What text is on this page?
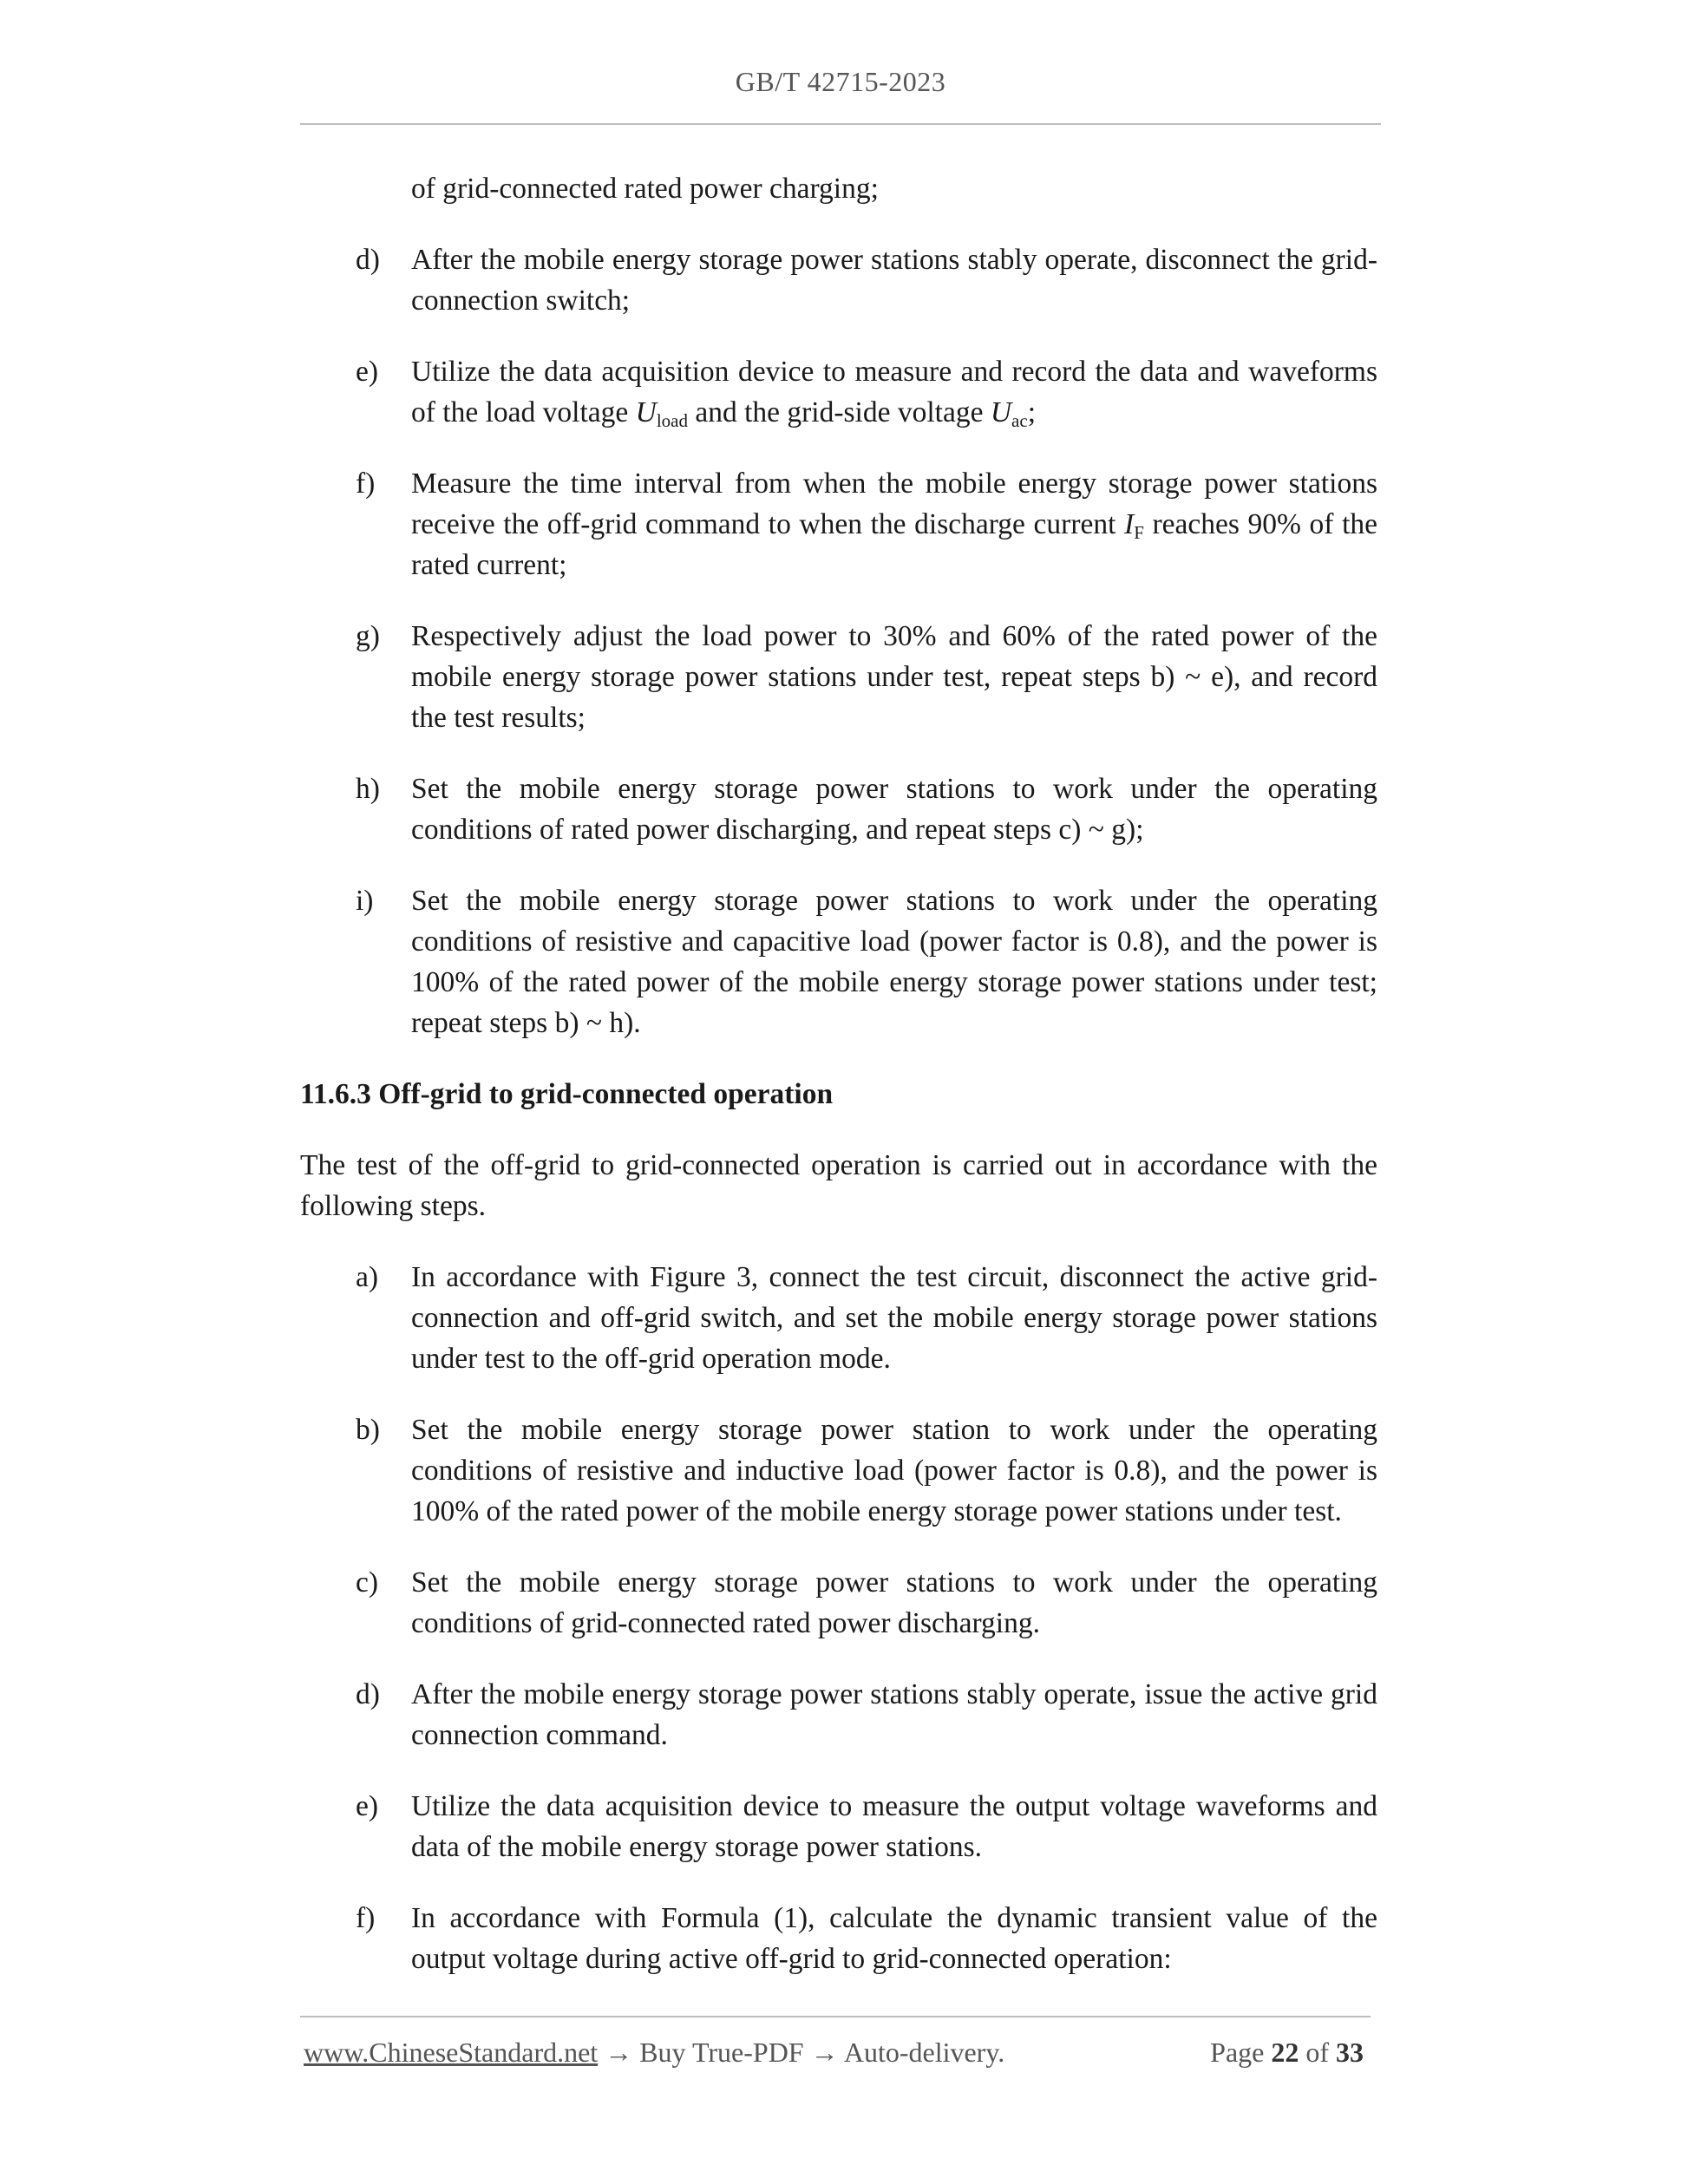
GB/T 42715-2023
of grid-connected rated power charging;
d) After the mobile energy storage power stations stably operate, disconnect the grid-connection switch;
e) Utilize the data acquisition device to measure and record the data and waveforms of the load voltage $U_{load}$ and the grid-side voltage $U_{ac}$;
f) Measure the time interval from when the mobile energy storage power stations receive the off-grid command to when the discharge current $I_F$ reaches 90% of the rated current;
g) Respectively adjust the load power to 30% and 60% of the rated power of the mobile energy storage power stations under test, repeat steps b) ~ e), and record the test results;
h) Set the mobile energy storage power stations to work under the operating conditions of rated power discharging, and repeat steps c) ~ g);
i) Set the mobile energy storage power stations to work under the operating conditions of resistive and capacitive load (power factor is 0.8), and the power is 100% of the rated power of the mobile energy storage power stations under test; repeat steps b) ~ h).
11.6.3 Off-grid to grid-connected operation
The test of the off-grid to grid-connected operation is carried out in accordance with the following steps.
a) In accordance with Figure 3, connect the test circuit, disconnect the active grid-connection and off-grid switch, and set the mobile energy storage power stations under test to the off-grid operation mode.
b) Set the mobile energy storage power station to work under the operating conditions of resistive and inductive load (power factor is 0.8), and the power is 100% of the rated power of the mobile energy storage power stations under test.
c) Set the mobile energy storage power stations to work under the operating conditions of grid-connected rated power discharging.
d) After the mobile energy storage power stations stably operate, issue the active grid connection command.
e) Utilize the data acquisition device to measure the output voltage waveforms and data of the mobile energy storage power stations.
f) In accordance with Formula (1), calculate the dynamic transient value of the output voltage during active off-grid to grid-connected operation:
www.ChineseStandard.net → Buy True-PDF → Auto-delivery.	Page 22 of 33
